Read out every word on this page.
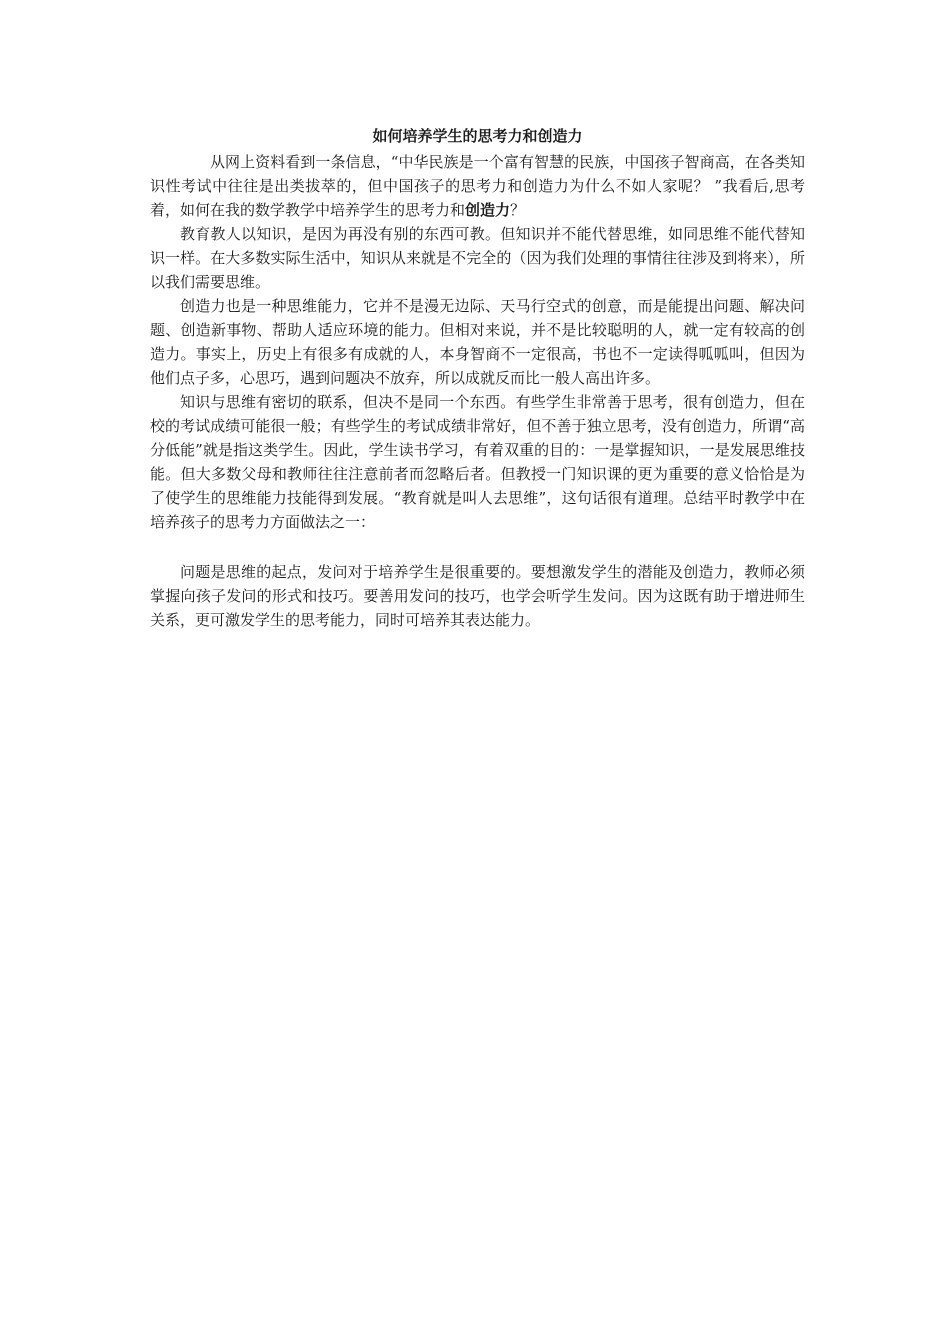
如何培养学生的思考力和创造力

从网上资料看到一条信息，“中华民族是一个富有智慧的民族，中国孩子智商高，在各类知识性考试中往往是出类拔萃的，但中国孩子的思考力和创造力为什么不如人家呢？ ”我看后,思考着，如何在我的数学教学中培养学生的思考力和创造力？

教育教人以知识，是因为再没有别的东西可教。但知识并不能代替思维，如同思维不能代替知识一样。在大多数实际生活中，知识从来就是不完全的（因为我们处理的事情往往涉及到将来），所以我们需要思维。

创造力也是一种思维能力，它并不是漫无边际、天马行空式的创意，而是能提出问题、解决问题、创造新事物、帮助人适应环境的能力。但相对来说，并不是比较聪明的人，就一定有较高的创造力。事实上，历史上有很多有成就的人，本身智商不一定很高，书也不一定读得呱呱叫，但因为他们点子多，心思巧，遇到问题决不放弃，所以成就反而比一般人高出许多。

知识与思维有密切的联系，但决不是同一个东西。有些学生非常善于思考，很有创造力，但在校的考试成绩可能很一般；有些学生的考试成绩非常好，但不善于独立思考，没有创造力，所谓“高分低能”就是指这类学生。因此，学生读书学习，有着双重的目的：一是掌握知识，一是发展思维技能。但大多数父母和教师往往注意前者而忽略后者。但教授一门知识课的更为重要的意义恰恰是为了使学生的思维能力技能得到发展。“教育就是叫人去思维”，这句话很有道理。总结平时教学中在培养孩子的思考力方面做法之一：

问题是思维的起点，发问对于培养学生是很重要的。要想激发学生的潜能及创造力，教师必须掌握向孩子发问的形式和技巧。要善用发问的技巧，也学会听学生发问。因为这既有助于增进师生关系，更可激发学生的思考能力，同时可培养其表达能力。
